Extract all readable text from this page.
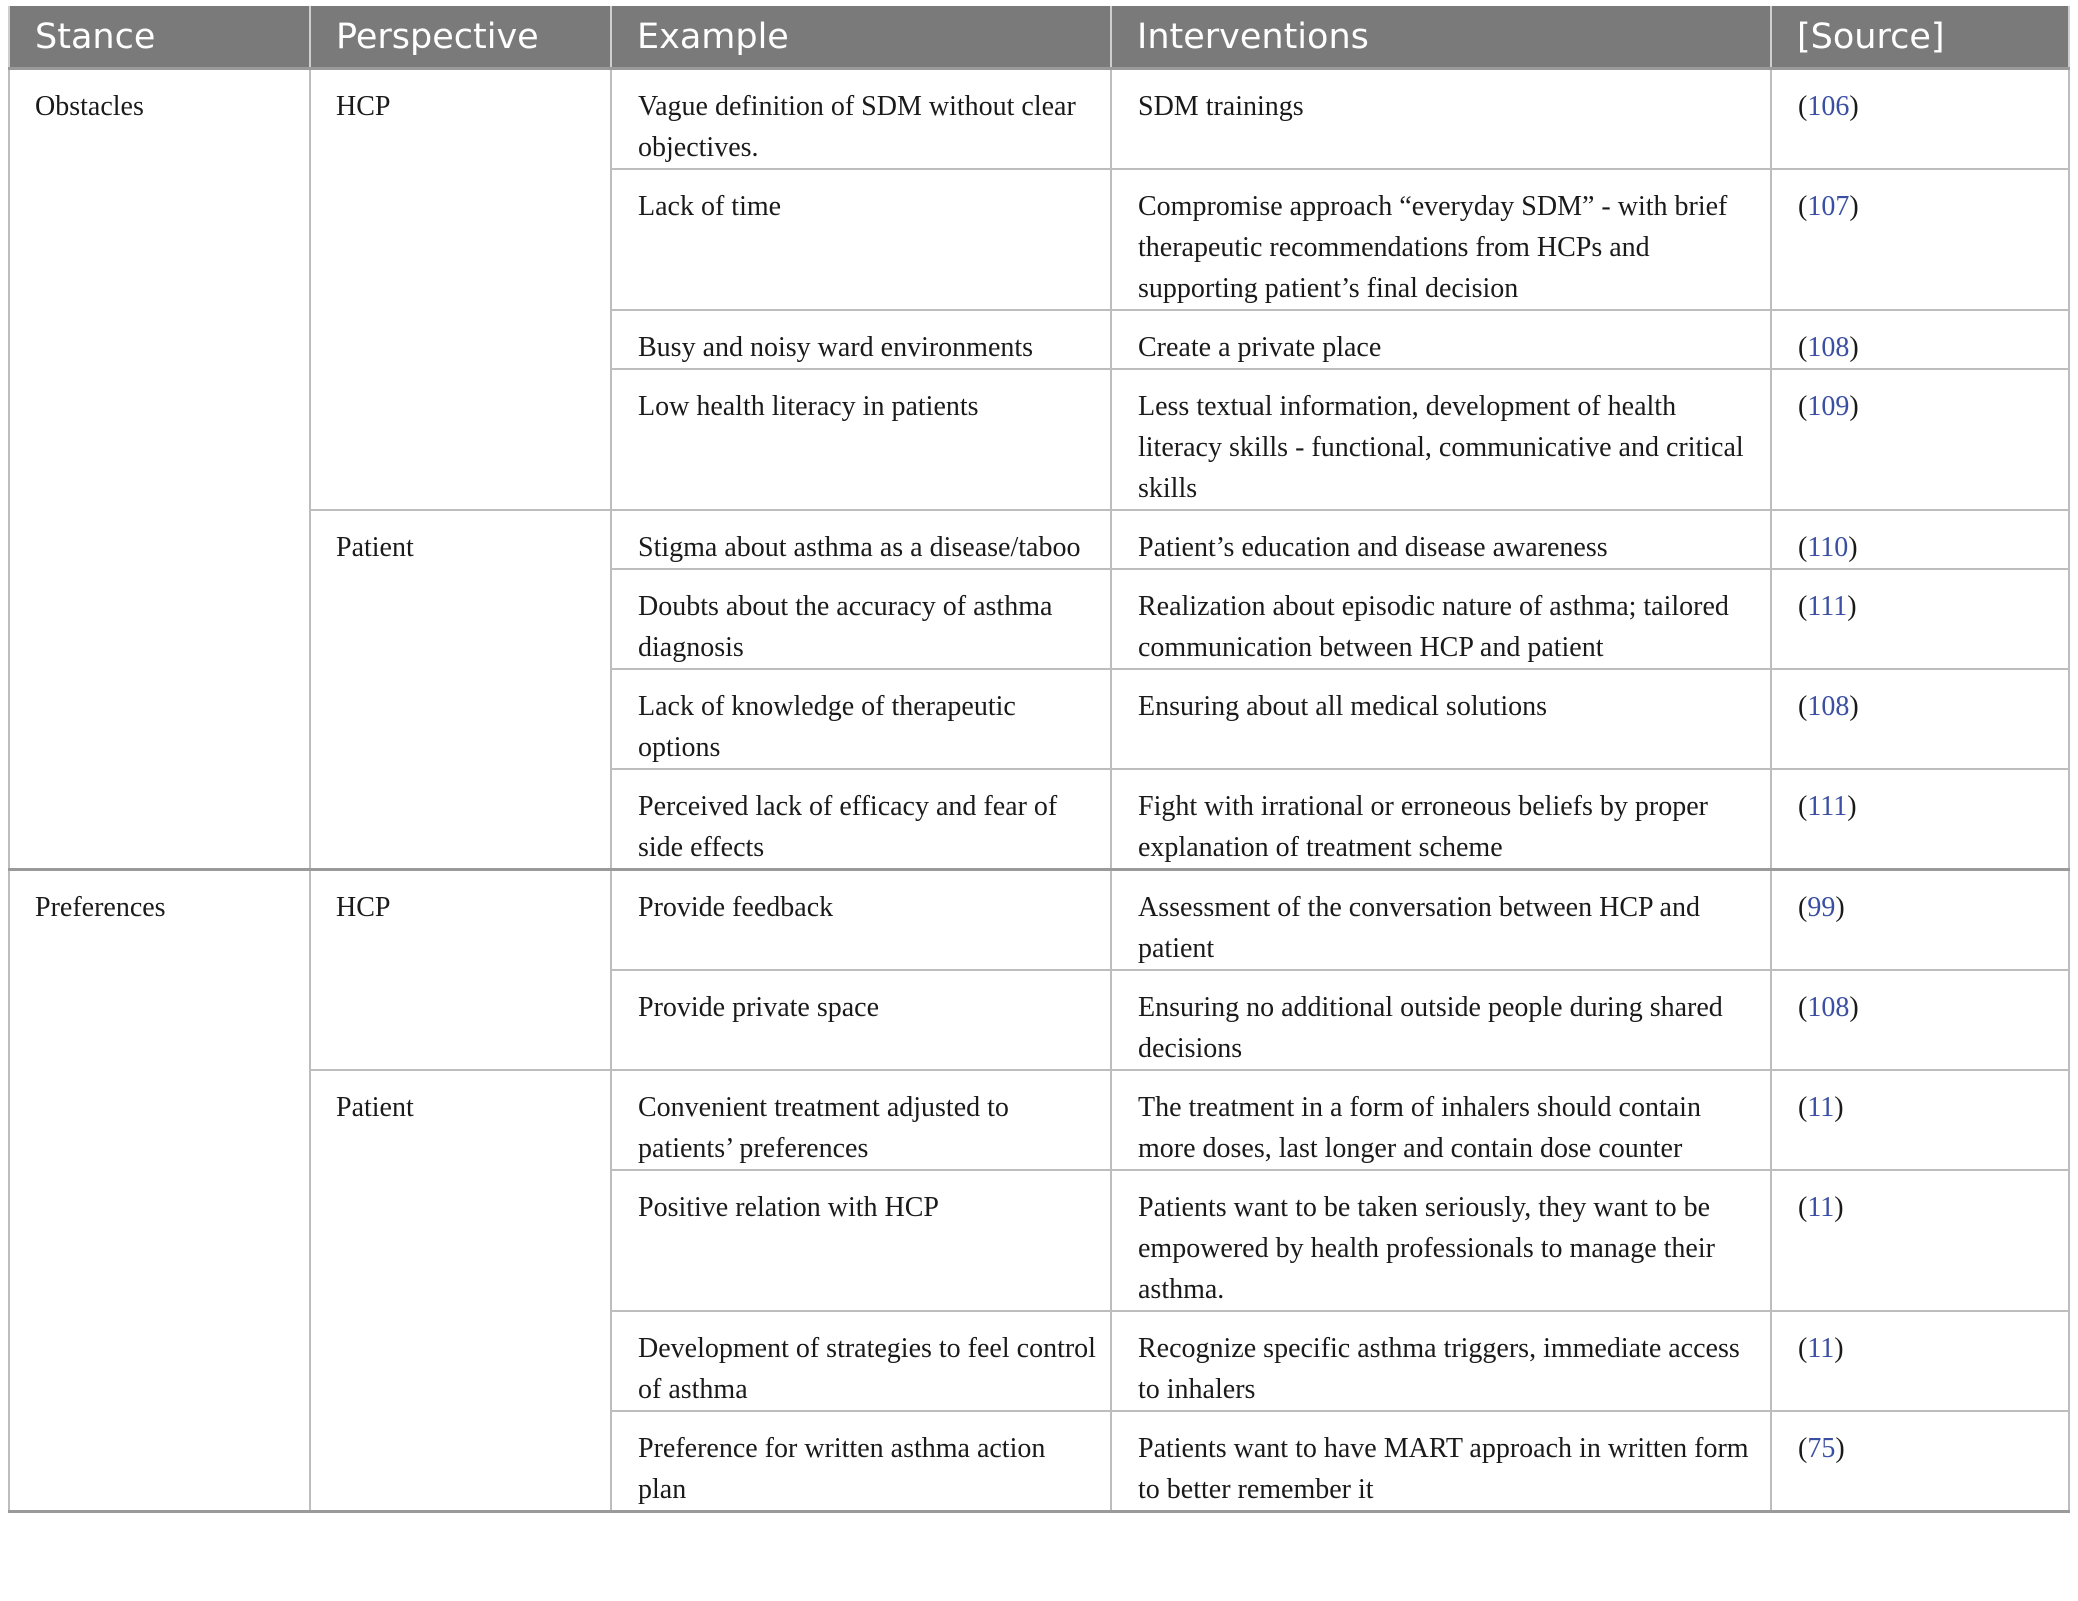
Stance	Perspective	Example	Interventions	[Source]
Obstacles	HCP	Vague definition of SDM without clear objectives.	SDM trainings	(106)
		Lack of time	Compromise approach “everyday SDM” - with brief therapeutic recommendations from HCPs and supporting patient’s final decision	(107)
		Busy and noisy ward environments	Create a private place	(108)
		Low health literacy in patients	Less textual information, development of health literacy skills - functional, communicative and critical skills	(109)
	Patient	Stigma about asthma as a disease/taboo	Patient’s education and disease awareness	(110)
		Doubts about the accuracy of asthma diagnosis	Realization about episodic nature of asthma; tailored communication between HCP and patient	(111)
		Lack of knowledge of therapeutic options	Ensuring about all medical solutions	(108)
		Perceived lack of efficacy and fear of side effects	Fight with irrational or erroneous beliefs by proper explanation of treatment scheme	(111)
Preferences	HCP	Provide feedback	Assessment of the conversation between HCP and patient	(99)
		Provide private space	Ensuring no additional outside people during shared decisions	(108)
	Patient	Convenient treatment adjusted to patients’ preferences	The treatment in a form of inhalers should contain more doses, last longer and contain dose counter	(11)
		Positive relation with HCP	Patients want to be taken seriously, they want to be empowered by health professionals to manage their asthma.	(11)
		Development of strategies to feel control of asthma	Recognize specific asthma triggers, immediate access to inhalers	(11)
		Preference for written asthma action plan	Patients want to have MART approach in written form to better remember it	(75)
